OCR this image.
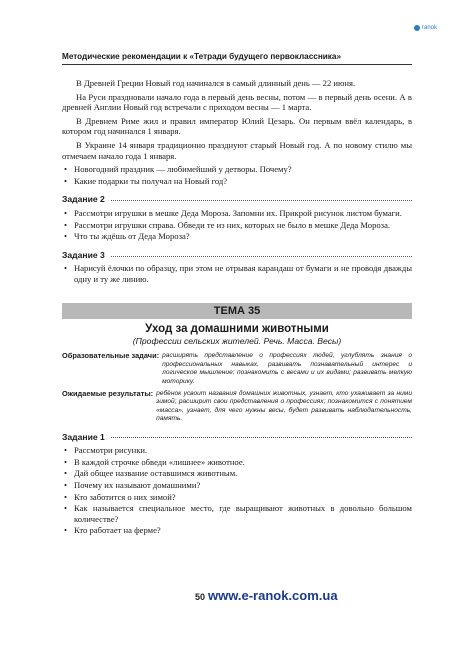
ranok
Методические рекомендации к «Тетради будущего первоклассника»

В Древней Греции Новый год начинался в самый длинный день — 22 июня.

На Руси праздновали начало года в первый день весны, потом — в первый день осени. А в древней Англии Новый год встречали с приходом весны — 1 марта.

В Древнем Риме жил и правил император Юлий Цезарь. Он первым ввёл календарь, в котором год начинался 1 января.

В Украине 14 января традиционно празднуют старый Новый год. А по новому стилю мы отмечаем начало года 1 января.

• Новогодний праздник — любимейший у детворы. Почему?
• Какие подарки ты получал на Новый год?
Задание 2
• Рассмотри игрушки в мешке Деда Мороза. Запомни их. Прикрой рисунок листом бумаги.
• Рассмотри игрушки справа. Обведи те из них, которых не было в мешке Деда Мороза.
• Что ты ждёшь от Деда Мороза?
Задание 3
• Нарисуй ёлочки по образцу, при этом не отрывая карандаш от бумаги и не проводя дважды одну и ту же линию.
ТЕМА 35
Уход за домашними животными
(Профессии сельских жителей. Речь. Масса. Весы)
Образовательные задачи: расширять представление о профессиях людей, углублять знания о профессиональных навыках, развивать познавательный интерес и логическое мышление; познакомить с весами и их видами; развивать мелкую моторику.
Ожидаемые результаты: ребёнок усвоит названия домашних животных, узнает, кто ухаживает за ними зимой; расширит свои представления о профессиях; познакомится с понятием «масса», узнает, для чего нужны весы, будет развивать наблюдательность, память.
Задание 1
• Рассмотри рисунки.
• В каждой строчке обведи «лишнее» животное.
• Дай общее название оставшимся животным.
• Почему их называют домашними?
• Кто заботится о них зимой?
• Как называется специальное место, где выращивают животных в довольно большом количестве?
• Кто работает на ферме?
50 www.e-ranok.com.ua
